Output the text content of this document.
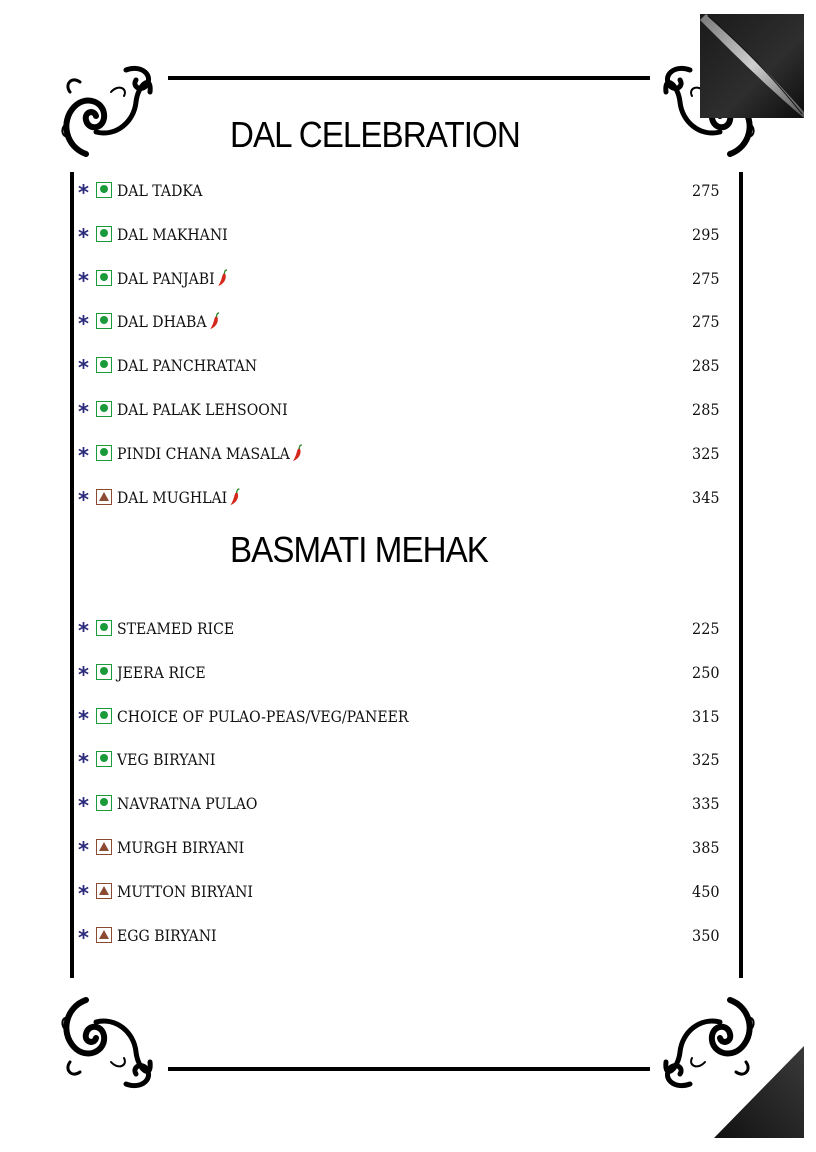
DAL CELEBRATION
BASMATI MEHAK
* DAL TADKA	275
* DAL MAKHANI	295
* DAL PANJABI	275
* DAL DHABA	275
* DAL PANCHRATAN	285
* DAL PALAK LEHSOONI	285
* PINDI CHANA MASALA	325
* DAL MUGHLAI	345
* STEAMED RICE	225
* JEERA RICE	250
* CHOICE OF PULAO-PEAS/VEG/PANEER	315
* VEG BIRYANI	325
* NAVRATNA PULAO	335
* MURGH BIRYANI	385
* MUTTON BIRYANI	450
* EGG BIRYANI	350
